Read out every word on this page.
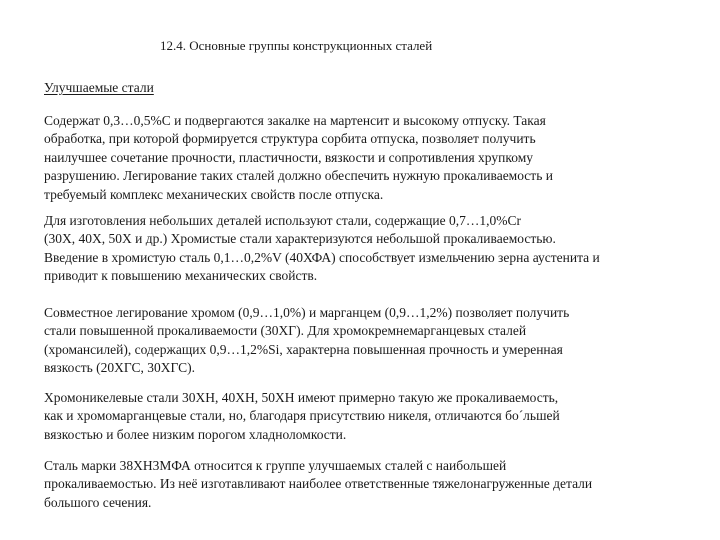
12.4. Основные группы конструкционных сталей
Улучшаемые стали

Содержат 0,3…0,5%С и подвергаются закалке на мартенсит и высокому отпуску. Такая
обработка, при которой формируется структура сорбита отпуска, позволяет получить
наилучшее сочетание прочности, пластичности, вязкости и сопротивления хрупкому
разрушению. Легирование таких сталей должно обеспечить нужную прокаливаемость и
требуемый комплекс механических свойств после отпуска.

Для изготовления небольших деталей используют стали, содержащие 0,7…1,0%Cr
(30Х, 40Х, 50Х и др.) Хромистые стали характеризуются небольшой прокаливаемостью.
Введение в хромистую сталь 0,1…0,2%V (40ХФА) способствует измельчению зерна аустенита и
приводит к повышению механических свойств.

Совместное легирование хромом (0,9…1,0%) и марганцем (0,9…1,2%) позволяет получить
стали повышенной прокаливаемости (30ХГ). Для хромокремнемарганцевых сталей
(хромансилей), содержащих 0,9…1,2%Si, характерна повышенная прочность и умеренная
вязкость (20ХГС, 30ХГС).

Хромоникелевые стали 30ХН, 40ХН, 50ХН имеют примерно такую же прокаливаемость,
как и хромомарганцевые стали, но, благодаря присутствию никеля, отличаются бо´льшей
вязкостью и более низким порогом хладноломкости.

Сталь марки 38ХН3МФА относится к группе улучшаемых сталей с наибольшей
прокаливаемостью. Из неё изготавливают наиболее ответственные тяжелонагруженные детали
большого сечения.
